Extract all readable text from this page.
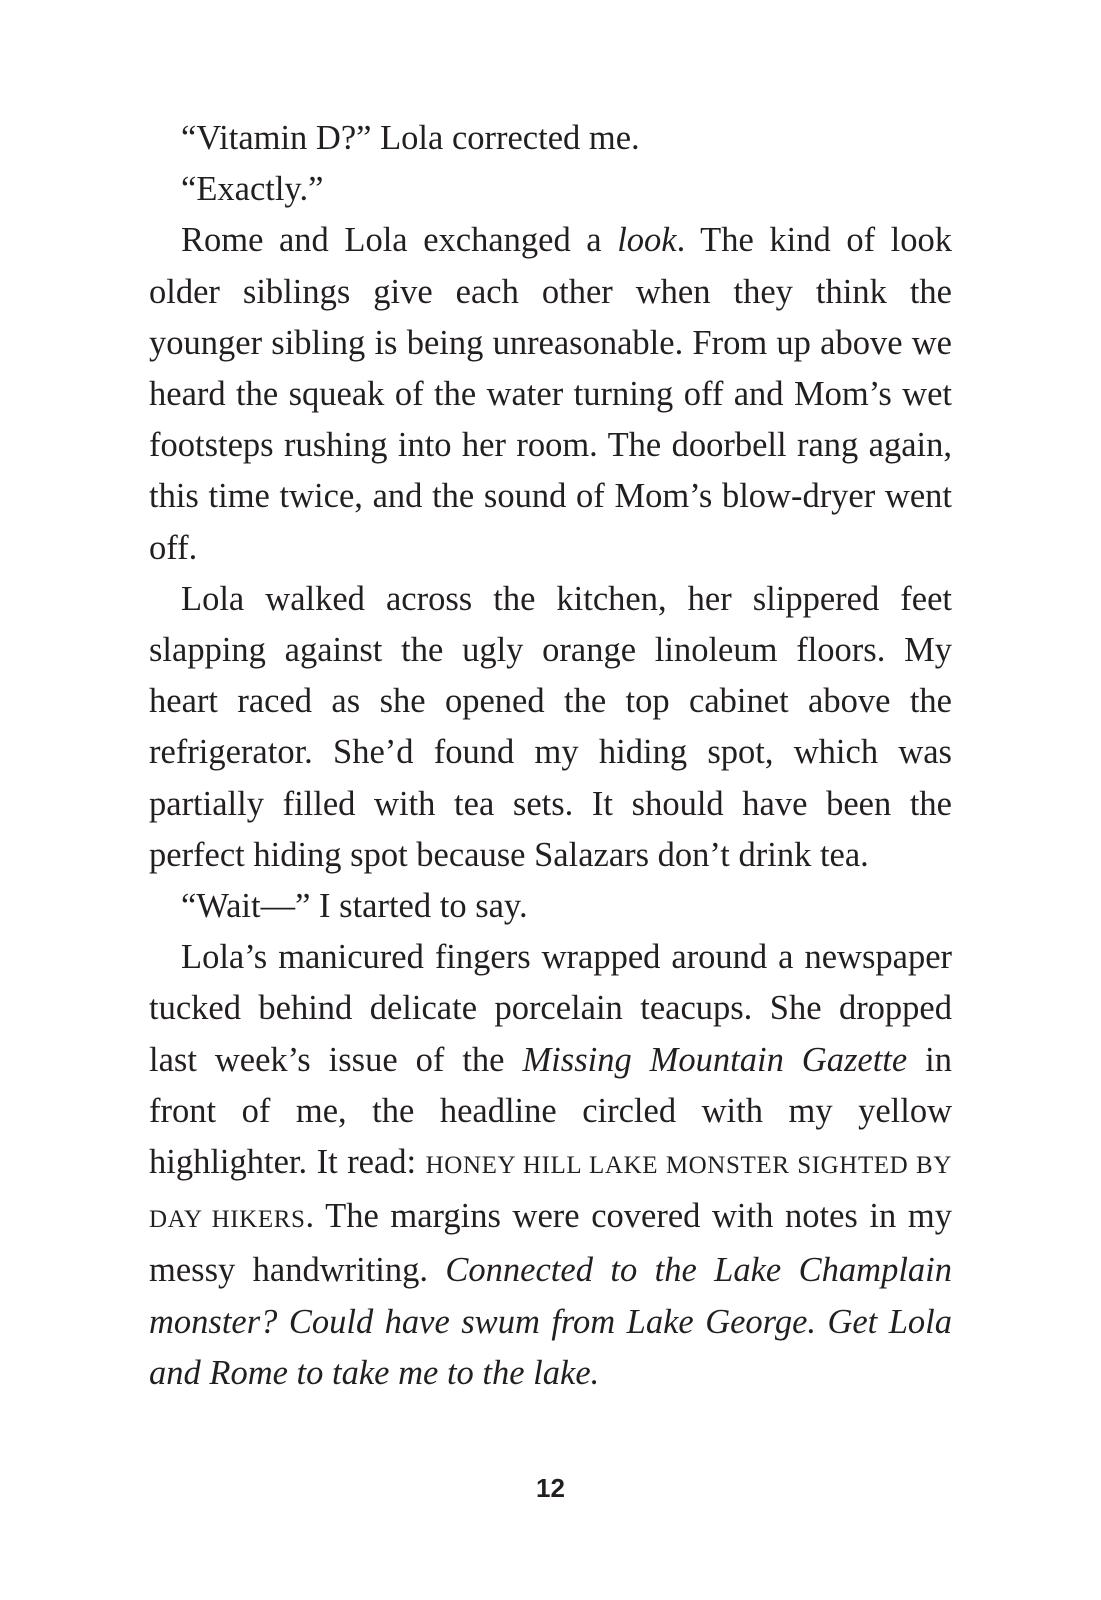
“Vitamin D?” Lola corrected me.

“Exactly.”

Rome and Lola exchanged a look. The kind of look older siblings give each other when they think the younger sibling is being unreasonable. From up above we heard the squeak of the water turning off and Mom’s wet footsteps rushing into her room. The doorbell rang again, this time twice, and the sound of Mom’s blow-dryer went off.

Lola walked across the kitchen, her slippered feet slapping against the ugly orange linoleum floors. My heart raced as she opened the top cabinet above the refrigerator. She’d found my hiding spot, which was partially filled with tea sets. It should have been the perfect hiding spot because Salazars don’t drink tea.

“Wait—” I started to say.

Lola’s manicured fingers wrapped around a newspaper tucked behind delicate porcelain teacups. She dropped last week’s issue of the Missing Mountain Gazette in front of me, the headline circled with my yellow highlighter. It read: HONEY HILL LAKE MONSTER SIGHTED BY DAY HIKERS. The margins were covered with notes in my messy handwriting. Connected to the Lake Champlain monster? Could have swum from Lake George. Get Lola and Rome to take me to the lake.

12
